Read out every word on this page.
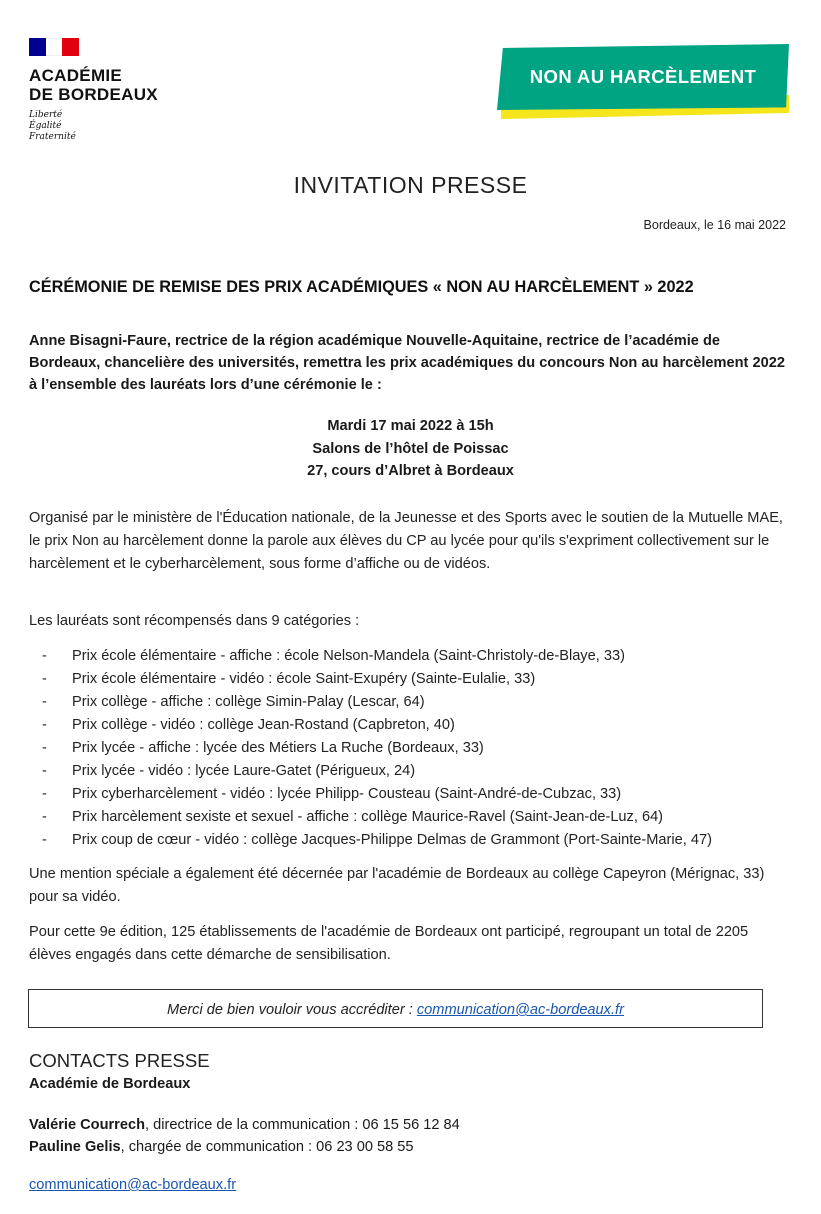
ACADÉMIE
DE BORDEAUX
Liberté
Égalité
Fraternité
NON AU HARCÈLEMENT
INVITATION PRESSE
Bordeaux, le 16 mai 2022
CÉRÉMONIE DE REMISE DES PRIX ACADÉMIQUES « NON AU HARCÈLEMENT » 2022
Anne Bisagni-Faure, rectrice de la région académique Nouvelle-Aquitaine, rectrice de l’académie de Bordeaux, chancelière des universités, remettra les prix académiques du concours Non au harcèlement 2022 à l’ensemble des lauréats lors d’une cérémonie le :
Mardi 17 mai 2022 à 15h
Salons de l’hôtel de Poissac
27, cours d’Albret à Bordeaux
Organisé par le ministère de l'Éducation nationale, de la Jeunesse et des Sports avec le soutien de la Mutuelle MAE, le prix Non au harcèlement donne la parole aux élèves du CP au lycée pour qu'ils s'expriment collectivement sur le harcèlement et le cyberharcèlement, sous forme d’affiche ou de vidéos.
Les lauréats sont récompensés dans 9 catégories :
- Prix école élémentaire - affiche : école Nelson-Mandela (Saint-Christoly-de-Blaye, 33)
- Prix école élémentaire - vidéo : école Saint-Exupéry (Sainte-Eulalie, 33)
- Prix collège - affiche : collège Simin-Palay (Lescar, 64)
- Prix collège - vidéo : collège Jean-Rostand (Capbreton, 40)
- Prix lycée - affiche : lycée des Métiers La Ruche (Bordeaux, 33)
- Prix lycée - vidéo : lycée Laure-Gatet (Périgueux, 24)
- Prix cyberharcèlement - vidéo : lycée Philipp- Cousteau (Saint-André-de-Cubzac, 33)
- Prix harcèlement sexiste et sexuel - affiche : collège Maurice-Ravel (Saint-Jean-de-Luz, 64)
- Prix coup de cœur - vidéo : collège Jacques-Philippe Delmas de Grammont (Port-Sainte-Marie, 47)
Une mention spéciale a également été décernée par l'académie de Bordeaux au collège Capeyron (Mérignac, 33) pour sa vidéo.
Pour cette 9e édition, 125 établissements de l'académie de Bordeaux ont participé, regroupant un total de 2205 élèves engagés dans cette démarche de sensibilisation.
Merci de bien vouloir vous accréditer : communication@ac-bordeaux.fr
CONTACTS PRESSE
Académie de Bordeaux
Valérie Courrech, directrice de la communication : 06 15 56 12 84
Pauline Gelis, chargée de communication : 06 23 00 58 55
communication@ac-bordeaux.fr
